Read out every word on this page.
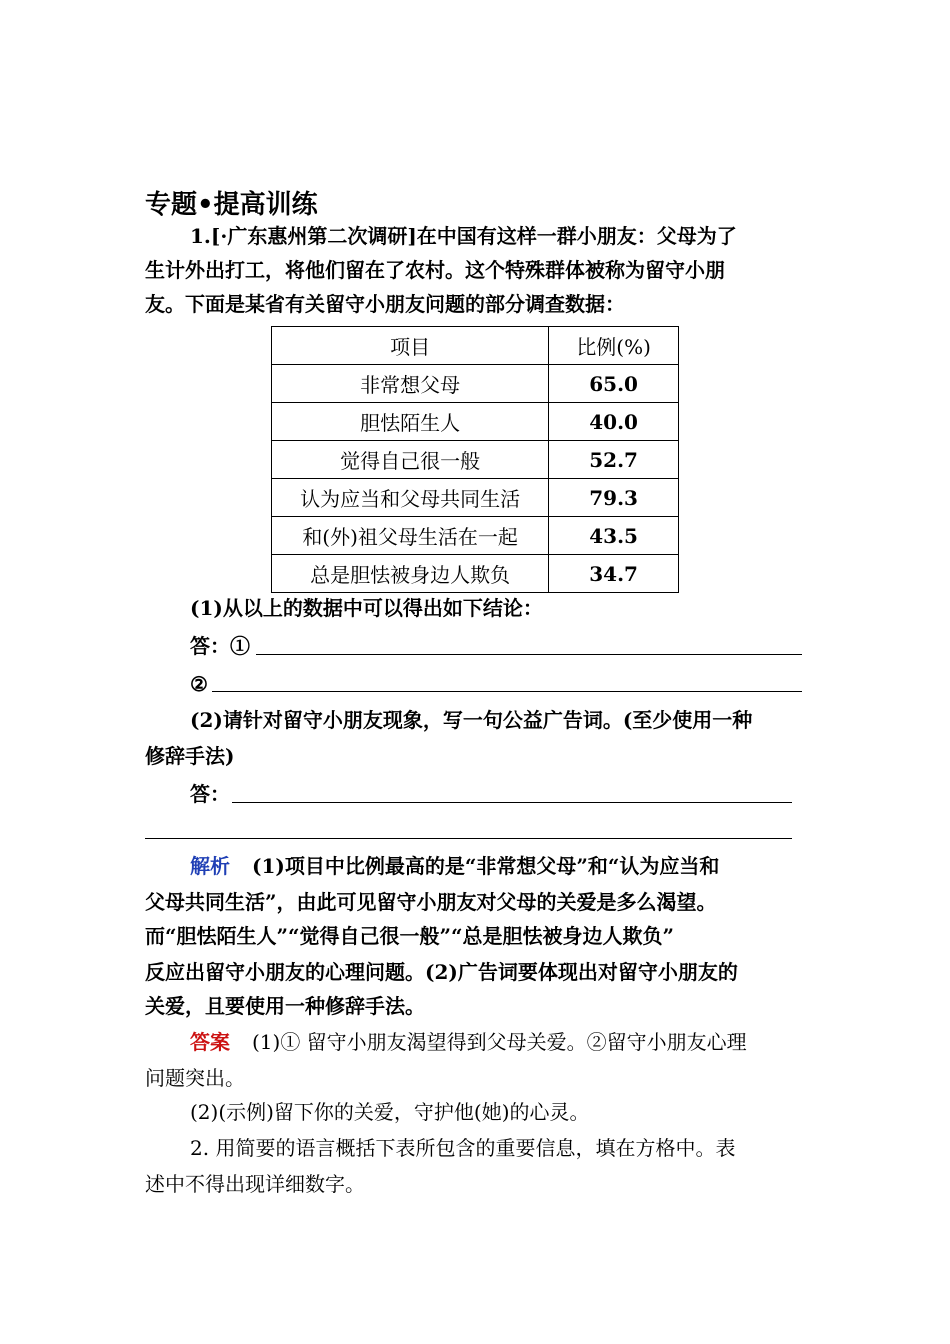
专题•提高训练
1.[·广东惠州第二次调研]在中国有这样一群小朋友：父母为了
生计外出打工，将他们留在了农村。这个特殊群体被称为留守小朋
友。下面是某省有关留守小朋友问题的部分调查数据：
项目	比例(%)
非常想父母	65.0
胆怯陌生人	40.0
觉得自己很一般	52.7
认为应当和父母共同生活	79.3
和(外)祖父母生活在一起	43.5
总是胆怯被身边人欺负	34.7
(1)从以上的数据中可以得出如下结论：
答：①
②
(2)请针对留守小朋友现象，写一句公益广告词。(至少使用一种
修辞手法)
答：
解析 (1)项目中比例最高的是“非常想父母”和“认为应当和
父母共同生活”，由此可见留守小朋友对父母的关爱是多么渴望。
而“胆怯陌生人”“觉得自己很一般”“总是胆怯被身边人欺负”
反应出留守小朋友的心理问题。(2)广告词要体现出对留守小朋友的
关爱，且要使用一种修辞手法。
答案 (1)① 留守小朋友渴望得到父母关爱。②留守小朋友心理
问题突出。
(2)(示例)留下你的关爱，守护他(她)的心灵。
2. 用简要的语言概括下表所包含的重要信息，填在方格中。表
述中不得出现详细数字。
